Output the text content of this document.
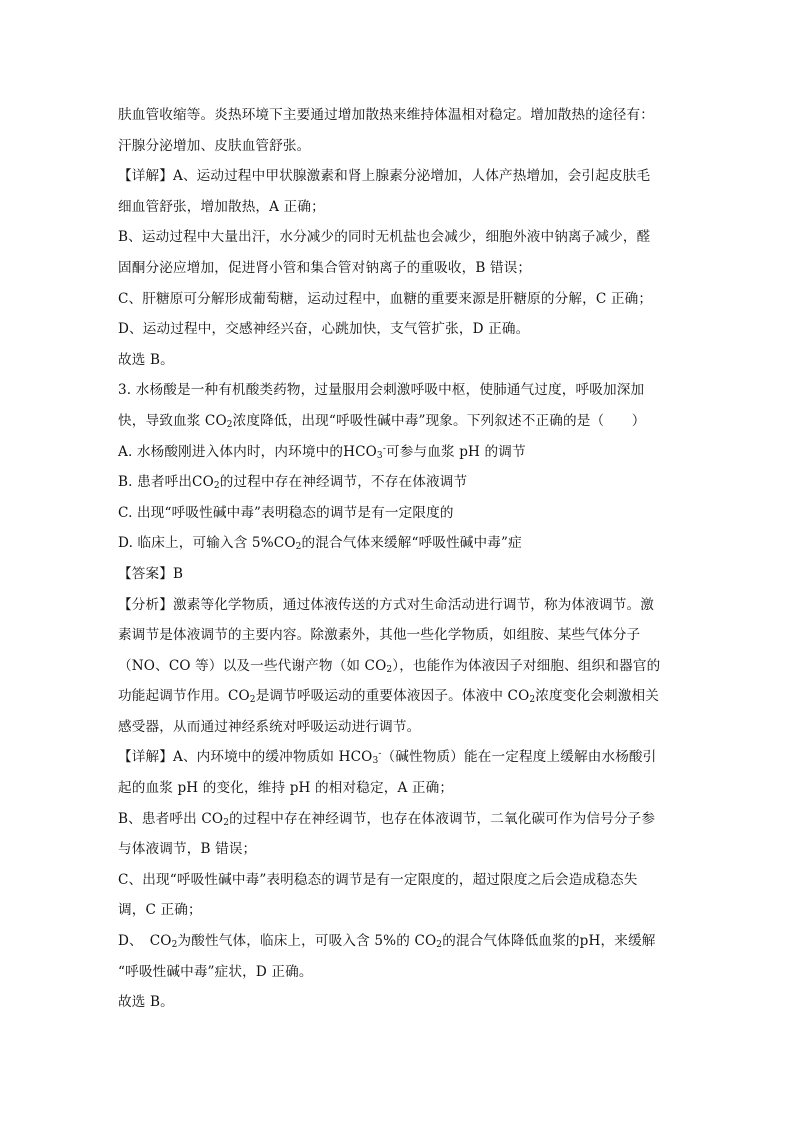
肤血管收缩等。炎热环境下主要通过增加散热来维持体温相对稳定。增加散热的途径有：
汗腺分泌增加、皮肤血管舒张。
【详解】A、运动过程中甲状腺激素和肾上腺素分泌增加，人体产热增加，会引起皮肤毛
细血管舒张，增加散热，A 正确；
B、运动过程中大量出汗，水分减少的同时无机盐也会减少，细胞外液中钠离子减少，醛
固酮分泌应增加，促进肾小管和集合管对钠离子的重吸收，B 错误；
C、肝糖原可分解形成葡萄糖，运动过程中，血糖的重要来源是肝糖原的分解，C 正确；
D、运动过程中，交感神经兴奋，心跳加快，支气管扩张，D 正确。
故选 B。
3. 水杨酸是一种有机酸类药物，过量服用会刺激呼吸中枢，使肺通气过度，呼吸加深加
快，导致血浆 $CO_2$浓度降低，出现“呼吸性碱中毒”现象。下列叙述不正确的是（　　）
A. 水杨酸刚进入体内时，内环境中的$HCO_3^-$可参与血浆 pH 的调节
B. 患者呼出$CO_2$的过程中存在神经调节，不存在体液调节
C. 出现“呼吸性碱中毒”表明稳态的调节是有一定限度的
D. 临床上，可输入含 $5\%CO_2$的混合气体来缓解“呼吸性碱中毒”症
【答案】B
【分析】激素等化学物质，通过体液传送的方式对生命活动进行调节，称为体液调节。激
素调节是体液调节的主要内容。除激素外，其他一些化学物质，如组胺、某些气体分子
（NO、CO 等）以及一些代谢产物（如 $CO_2$），也能作为体液因子对细胞、组织和器官的
功能起调节作用。$CO_2$是调节呼吸运动的重要体液因子。体液中 $CO_2$浓度变化会刺激相关
感受器，从而通过神经系统对呼吸运动进行调节。
【详解】A、内环境中的缓冲物质如 $HCO_3^-$（碱性物质）能在一定程度上缓解由水杨酸引
起的血浆 pH 的变化，维持 pH 的相对稳定，A 正确；
B、患者呼出 $CO_2$的过程中存在神经调节，也存在体液调节，二氧化碳可作为信号分子参
与体液调节，B 错误；
C、出现“呼吸性碱中毒”表明稳态的调节是有一定限度的，超过限度之后会造成稳态失
调，C 正确；
D、　$CO_2$为酸性气体，临床上，可吸入含 5%的 $CO_2$的混合气体降低血浆的pH，来缓解
“呼吸性碱中毒”症状，D 正确。
故选 B。
